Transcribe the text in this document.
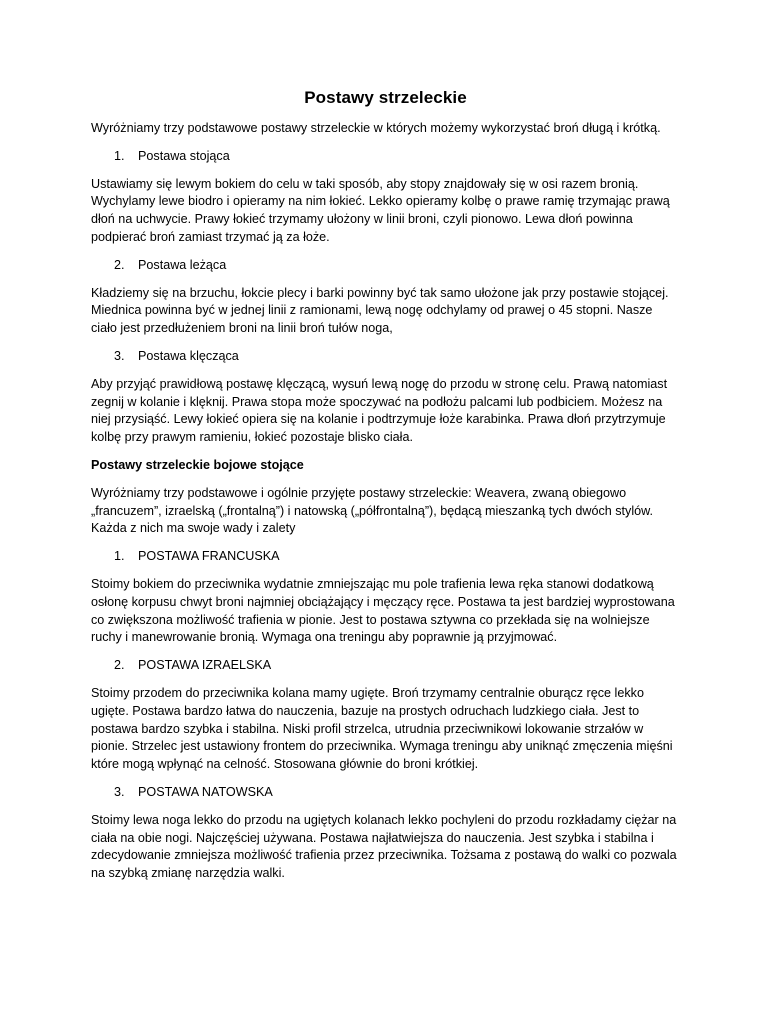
Postawy strzeleckie

Wyróżniamy trzy podstawowe postawy strzeleckie w których możemy wykorzystać broń długą i krótką.

1.	Postawa stojąca

Ustawiamy się lewym bokiem do celu w taki sposób, aby stopy znajdowały się w osi razem bronią. Wychylamy lewe biodro i opieramy na nim łokieć. Lekko opieramy kolbę o prawe ramię trzymając prawą dłoń na uchwycie. Prawy łokieć trzymamy ułożony w linii broni, czyli pionowo. Lewa dłoń powinna podpierać broń zamiast trzymać ją za łoże.

2.	Postawa leżąca

Kładziemy się na brzuchu, łokcie plecy i barki powinny być tak samo ułożone jak przy postawie stojącej. Miednica powinna być w jednej linii z ramionami, lewą nogę odchylamy od prawej o 45 stopni. Nasze ciało jest przedłużeniem broni na linii broń tułów noga,

3.	Postawa klęcząca

Aby przyjąć prawidłową postawę klęczącą, wysuń lewą nogę do przodu w stronę celu. Prawą natomiast zegnij w kolanie i klęknij. Prawa stopa może spoczywać na podłożu palcami lub podbiciem. Możesz na niej przysiąść. Lewy łokieć opiera się na kolanie i podtrzymuje łoże karabinka. Prawa dłoń przytrzymuje kolbę przy prawym ramieniu, łokieć pozostaje blisko ciała.

Postawy strzeleckie bojowe stojące

Wyróżniamy trzy podstawowe i ogólnie przyjęte postawy strzeleckie: Weavera, zwaną obiegowo „francuzem”, izraelską („frontalną”) i natowską („półfrontalną”), będącą mieszanką tych dwóch stylów. Każda z nich ma swoje wady i zalety

1.	POSTAWA FRANCUSKA

Stoimy bokiem do przeciwnika wydatnie zmniejszając mu pole trafienia lewa ręka stanowi dodatkową osłonę korpusu chwyt broni najmniej obciążający i męczący ręce. Postawa ta jest bardziej wyprostowana co zwiększona możliwość trafienia w pionie. Jest to postawa sztywna co przekłada się na wolniejsze ruchy i manewrowanie bronią. Wymaga ona treningu aby poprawnie ją przyjmować.

2.	POSTAWA IZRAELSKA

Stoimy przodem do przeciwnika kolana mamy ugięte. Broń trzymamy centralnie oburącz ręce lekko ugięte. Postawa bardzo łatwa do nauczenia, bazuje na prostych odruchach ludzkiego ciała. Jest to postawa bardzo szybka i stabilna. Niski profil strzelca, utrudnia przeciwnikowi lokowanie strzałów w pionie. Strzelec jest ustawiony frontem do przeciwnika. Wymaga treningu aby uniknąć zmęczenia mięśni które mogą wpłynąć na celność. Stosowana głównie do broni krótkiej.

3.	POSTAWA NATOWSKA

Stoimy lewa noga lekko do przodu na ugiętych kolanach lekko pochyleni do przodu rozkładamy ciężar na ciała na obie nogi. Najczęściej używana. Postawa najłatwiejsza do nauczenia. Jest szybka i stabilna i zdecydowanie zmniejsza możliwość trafienia przez przeciwnika. Tożsama z postawą do walki co pozwala na szybką zmianę narzędzia walki.
